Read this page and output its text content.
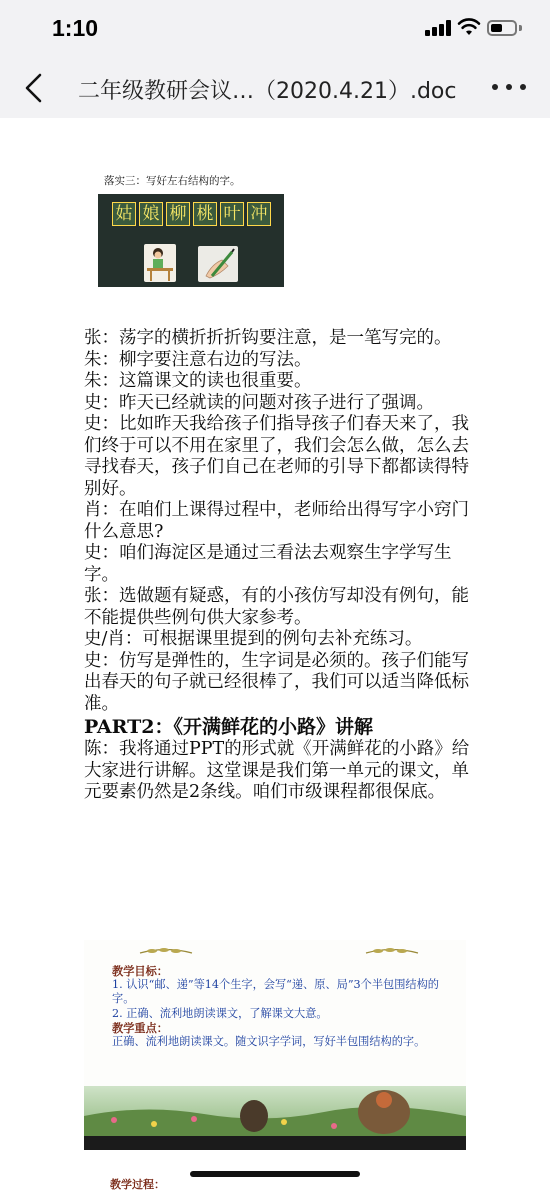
1:10
二年级教研会议…（2020.4.21）.doc
落实三：写好左右结构的字。
姑 娘 柳 桃 叶 冲

张：荡字的横折折折钩要注意，是一笔写完的。

朱：柳字要注意右边的写法。

朱：这篇课文的读也很重要。

史：昨天已经就读的问题对孩子进行了强调。

史：比如昨天我给孩子们指导孩子们春天来了，我们终于可以不用在家里了，我们会怎么做，怎么去寻找春天，孩子们自己在老师的引导下都都读得特别好。

肖：在咱们上课得过程中，老师给出得写字小窍门什么意思?

史：咱们海淀区是通过三看法去观察生字学写生字。

张：选做题有疑惑，有的小孩仿写却没有例句，能不能提供些例句供大家参考。

史/肖：可根据课里提到的例句去补充练习。

史：仿写是弹性的，生字词是必须的。孩子们能写出春天的句子就已经很棒了，我们可以适当降低标准。

PART2：《开满鲜花的小路》讲解

陈：我将通过PPT的形式就《开满鲜花的小路》给大家进行讲解。这堂课是我们第一单元的课文，单元要素仍然是2条线。咱们市级课程都很保底。

教学目标：
1. 认识“邮、递”等14个生字，会写“递、原、局”3个半包围结构的字。
2. 正确、流利地朗读课文，了解课文大意。
教学重点：
正确、流利地朗读课文。随文识字学词，写好半包围结构的字。
教学过程：
